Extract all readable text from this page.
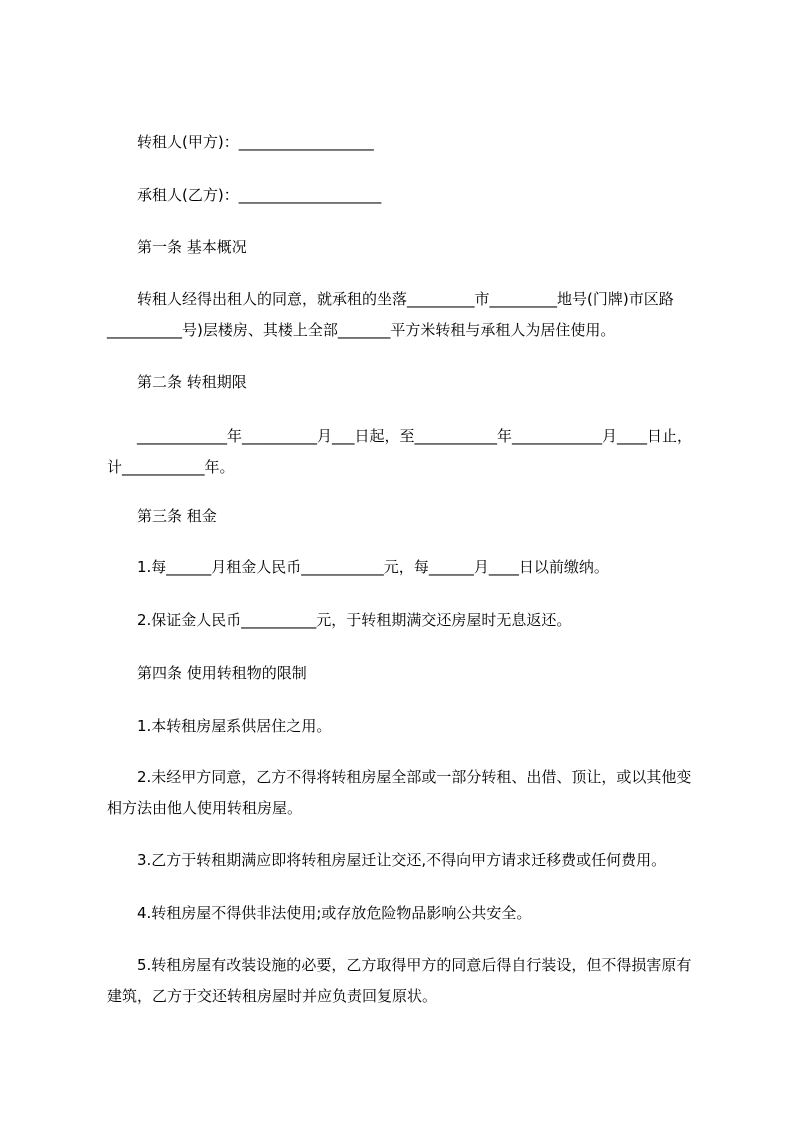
转租人(甲方)：__________________
承租人(乙方)：___________________
第一条 基本概况
转租人经得出租人的同意，就承租的坐落_________市_________地号(门牌)市区路__________号)层楼房、其楼上全部_______平方米转租与承租人为居住使用。
第二条 转租期限
____________年__________月___日起，至___________年____________月____日止，计___________年。
第三条 租金
1.每______月租金人民币___________元，每______月____日以前缴纳。
2.保证金人民币__________元，于转租期满交还房屋时无息返还。
第四条 使用转租物的限制
1.本转租房屋系供居住之用。
2.未经甲方同意，乙方不得将转租房屋全部或一部分转租、出借、顶让，或以其他变相方法由他人使用转租房屋。
3.乙方于转租期满应即将转租房屋迁让交还,不得向甲方请求迁移费或任何费用。
4.转租房屋不得供非法使用;或存放危险物品影响公共安全。
5.转租房屋有改装设施的必要，乙方取得甲方的同意后得自行装设，但不得损害原有建筑，乙方于交还转租房屋时并应负责回复原状。
